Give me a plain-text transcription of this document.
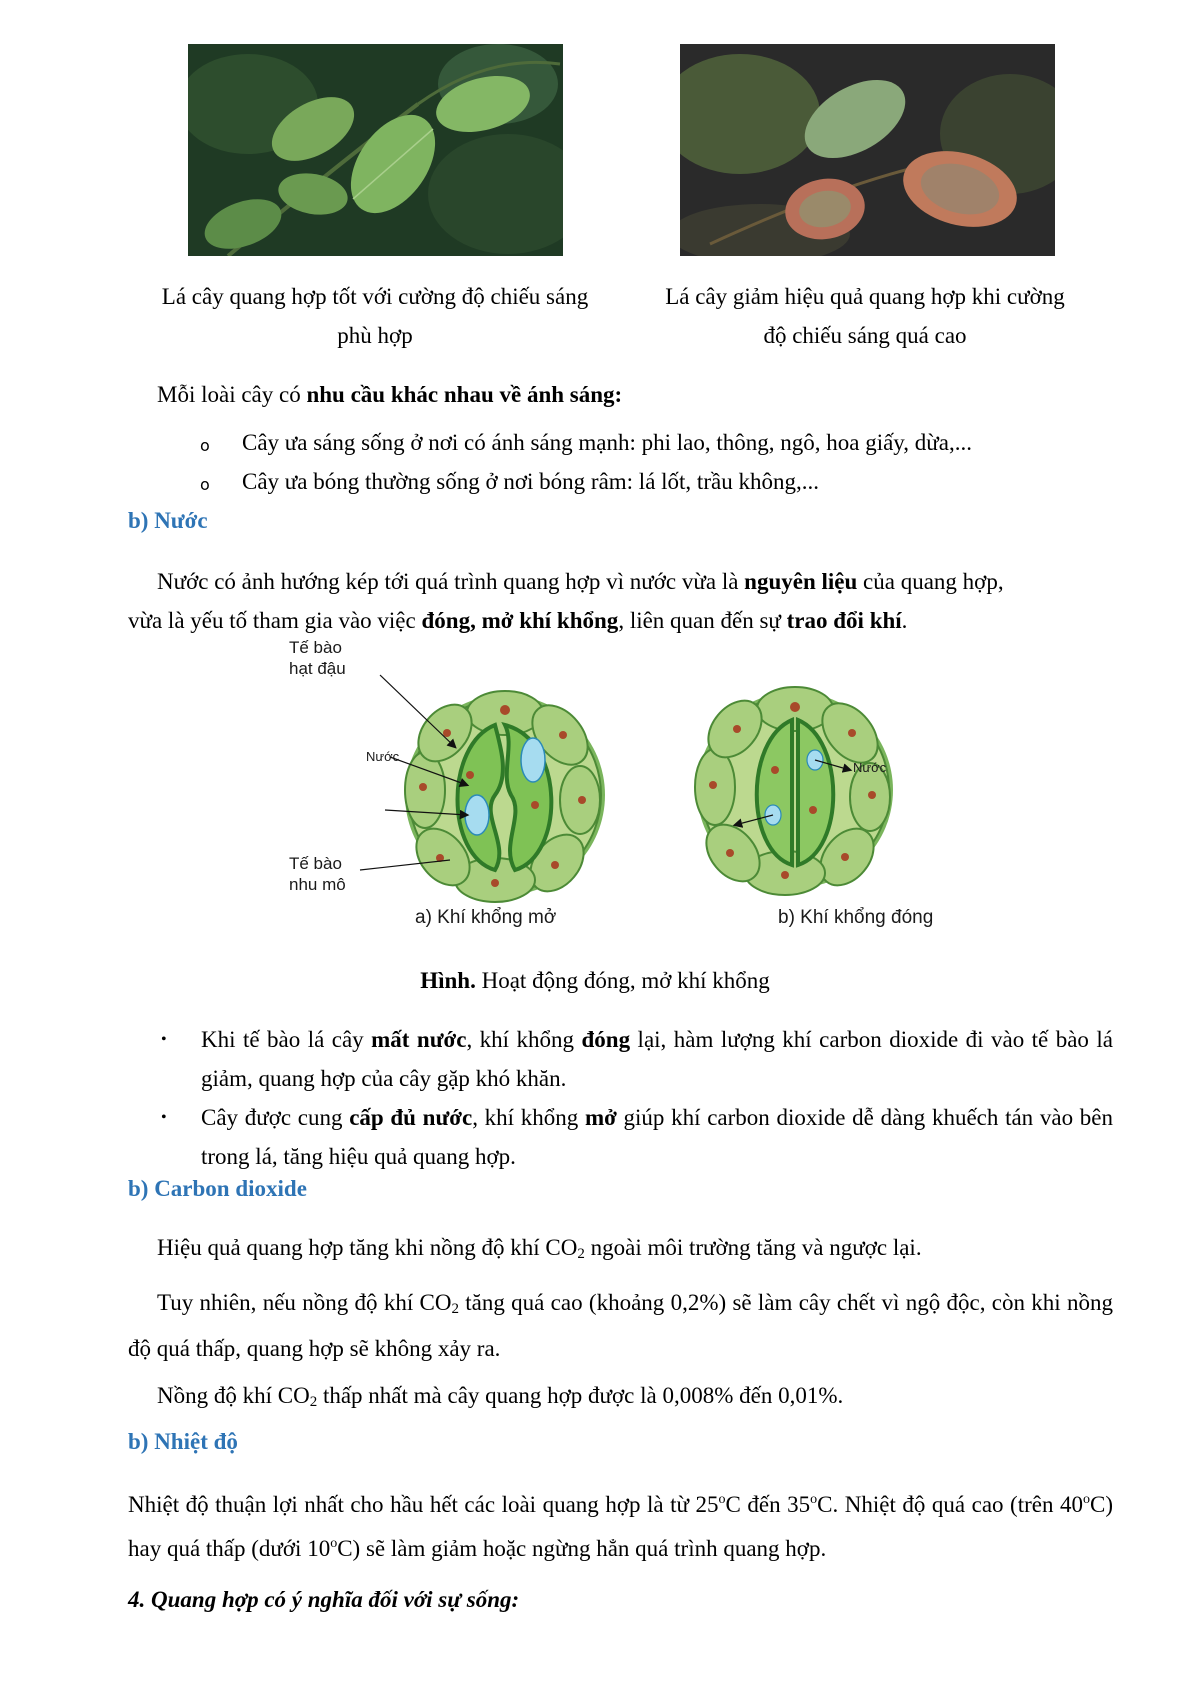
Lá cây quang hợp tốt với cường độ chiếu sáng
phù hợp
Lá cây giảm hiệu quả quang hợp khi cường
độ chiếu sáng quá cao
Mỗi loài cây có nhu cầu khác nhau về ánh sáng:
o Cây ưa sáng sống ở nơi có ánh sáng mạnh: phi lao, thông, ngô, hoa giấy, dừa,...
o Cây ưa bóng thường sống ở nơi bóng râm: lá lốt, trầu không,...
b) Nước
Nước có ảnh hướng kép tới quá trình quang hợp vì nước vừa là nguyên liệu của quang hợp,
vừa là yếu tố tham gia vào việc đóng, mở khí khổng, liên quan đến sự trao đổi khí.
Tế bào
hạt đậu
Nước
Tế bào
nhu mô
Nước
a) Khí khổng mở	b) Khí khổng đóng
Hình. Hoạt động đóng, mở khí khổng
• Khi tế bào lá cây mất nước, khí khổng đóng lại, hàm lượng khí carbon dioxide đi vào tế bào lá giảm, quang hợp của cây gặp khó khăn.
• Cây được cung cấp đủ nước, khí khổng mở giúp khí carbon dioxide dễ dàng khuếch tán vào bên trong lá, tăng hiệu quả quang hợp.
b) Carbon dioxide
Hiệu quả quang hợp tăng khi nồng độ khí $CO_2$ ngoài môi trường tăng và ngược lại.
Tuy nhiên, nếu nồng độ khí $CO_2$ tăng quá cao (khoảng 0,2%) sẽ làm cây chết vì ngộ độc, còn khi nồng độ quá thấp, quang hợp sẽ không xảy ra.
Nồng độ khí $CO_2$ thấp nhất mà cây quang hợp được là 0,008% đến 0,01%.
b) Nhiệt độ
Nhiệt độ thuận lợi nhất cho hầu hết các loài quang hợp là từ 25$^o$C đến 35$^o$C. Nhiệt độ quá cao (trên 40$^o$C) hay quá thấp (dưới 10$^o$C) sẽ làm giảm hoặc ngừng hẳn quá trình quang hợp.
4. Quang hợp có ý nghĩa đối với sự sống:
